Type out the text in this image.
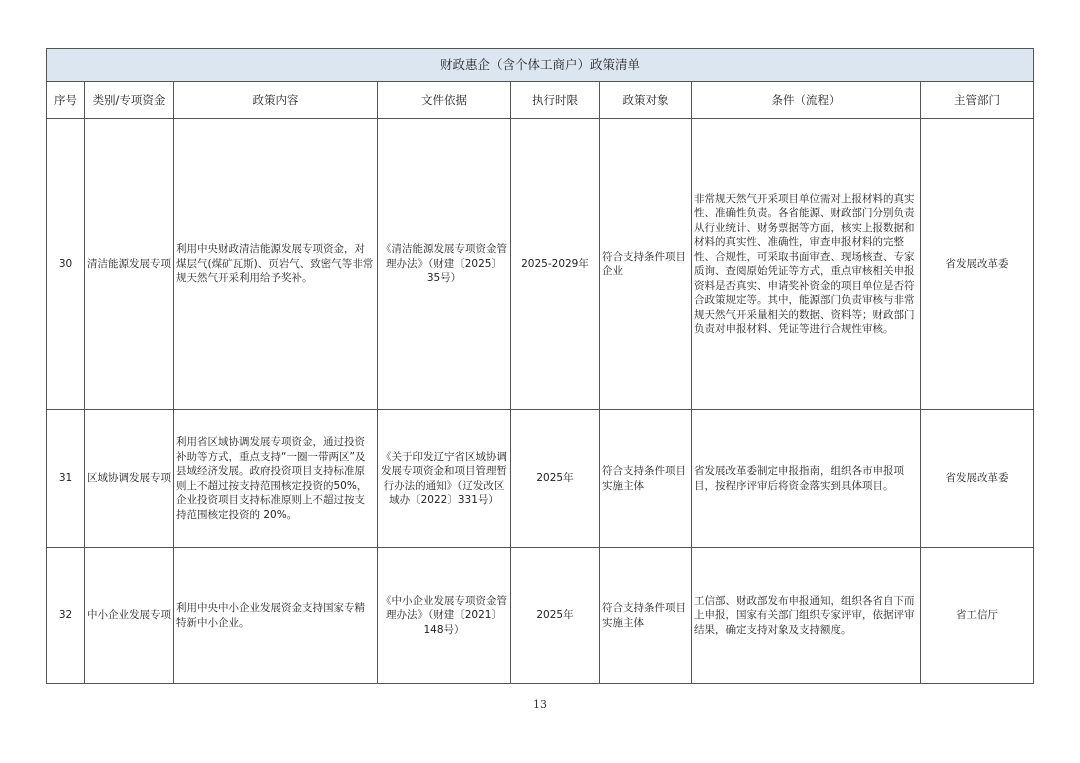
财政惠企（含个体工商户）政策清单							
序号	类别/专项资金	政策内容	文件依据	执行时限	政策对象	条件（流程）	主管部门
30	清洁能源发展专项	利用中央财政清洁能源发展专项资金，对煤层气(煤矿瓦斯)、页岩气、致密气等非常规天然气开采利用给予奖补。	《清洁能源发展专项资金管理办法》（财建〔2025〕35号）	2025-2029年	符合支持条件项目企业	非常规天然气开采项目单位需对上报材料的真实性、准确性负责。各省能源、财政部门分别负责从行业统计、财务票据等方面，核实上报数据和材料的真实性、准确性，审查申报材料的完整性、合规性，可采取书面审查、现场核查、专家质询、查阅原始凭证等方式，重点审核相关申报资料是否真实、申请奖补资金的项目单位是否符合政策规定等。其中，能源部门负责审核与非常规天然气开采量相关的数据、资料等；财政部门负责对申报材料、凭证等进行合规性审核。	省发展改革委
31	区域协调发展专项	利用省区域协调发展专项资金，通过投资补助等方式，重点支持“一圈一带两区”及县域经济发展。政府投资项目支持标准原则上不超过按支持范围核定投资的50%，企业投资项目支持标准原则上不超过按支持范围核定投资的 20%。	《关于印发辽宁省区域协调发展专项资金和项目管理暂行办法的通知》（辽发改区域办〔2022〕331号）	2025年	符合支持条件项目实施主体	省发展改革委制定申报指南，组织各市申报项目，按程序评审后将资金落实到具体项目。	省发展改革委
32	中小企业发展专项	利用中央中小企业发展资金支持国家专精特新中小企业。	《中小企业发展专项资金管理办法》（财建〔2021〕148号）	2025年	符合支持条件项目实施主体	工信部、财政部发布申报通知，组织各省自下而上申报，国家有关部门组织专家评审，依据评审结果，确定支持对象及支持额度。	省工信厅
13
